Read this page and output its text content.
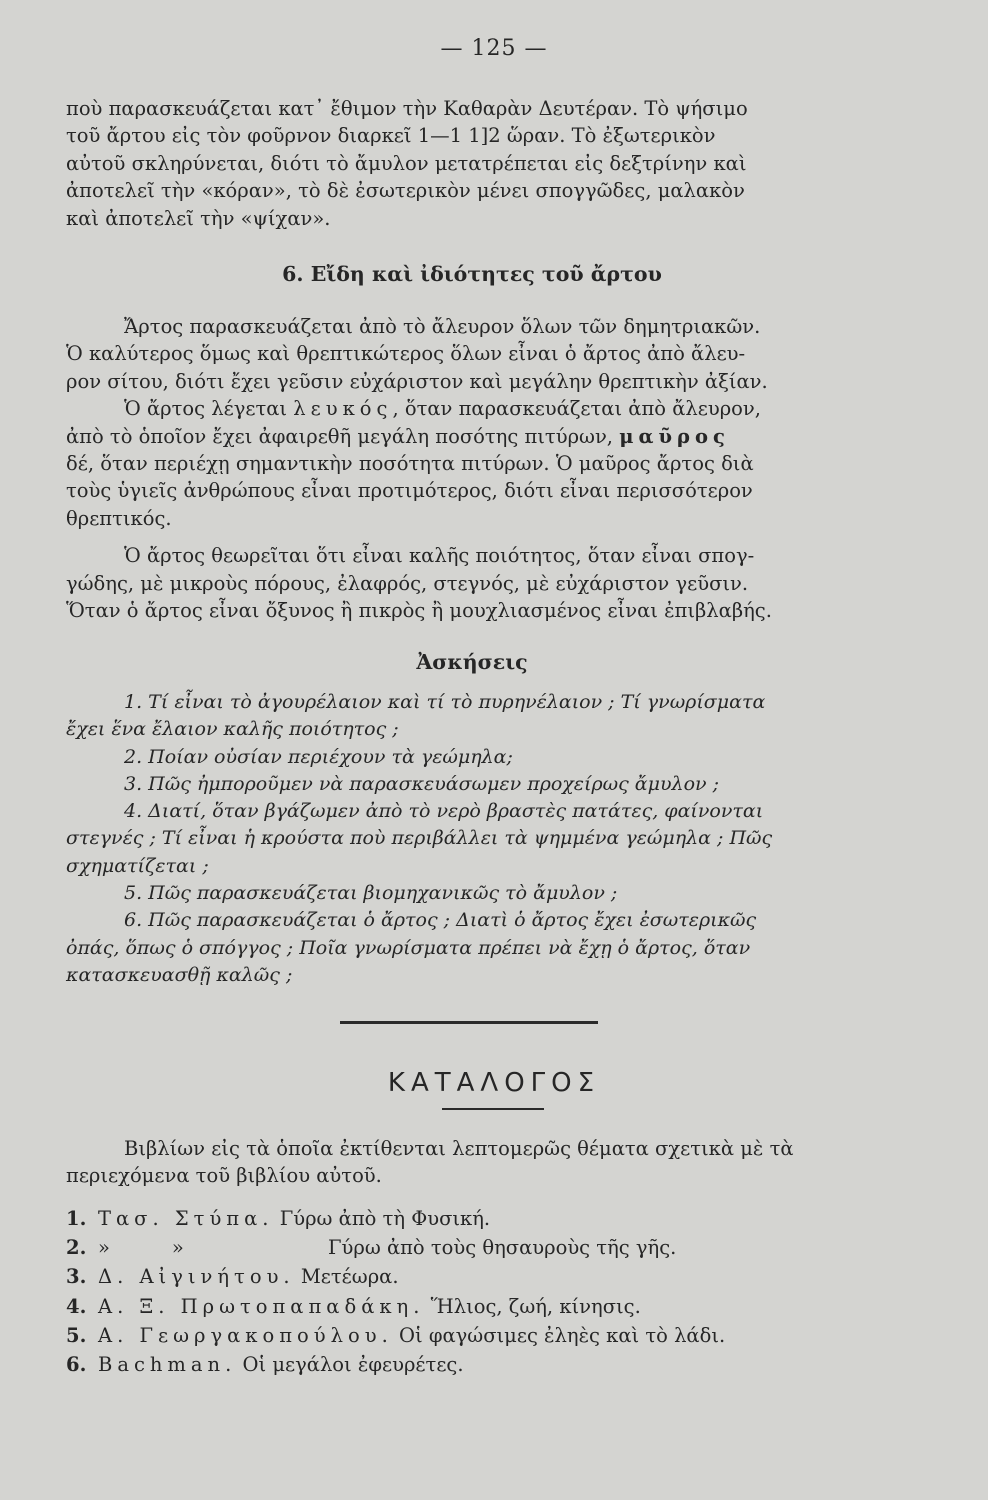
— 125 —

ποὺ παρασκευάζεται κατ᾿ ἔθιμον τὴν Καθαρὰν Δευτέραν. Τὸ ψήσιμο

τοῦ ἄρτου εἰς τὸν φοῦρνον διαρκεῖ 1—1 1]2 ὥραν. Τὸ ἐξωτερικὸν

αὐτοῦ σκληρύνεται, διότι τὸ ἄμυλον μετατρέπεται εἰς δεξτρίνην καὶ

ἀποτελεῖ τὴν «κόραν», τὸ δὲ ἐσωτερικὸν μένει σπογγῶδες, μαλακὸν

καὶ ἀποτελεῖ τὴν «ψίχαν».

6. Εἴδη καὶ ἰδιότητες τοῦ ἄρτου

Ἄρτος παρασκευάζεται ἀπὸ τὸ ἄλευρον ὅλων τῶν δημητριακῶν.

Ὁ καλύτερος ὅμως καὶ θρεπτικώτερος ὅλων εἶναι ὁ ἄρτος ἀπὸ ἄλευ-

ρον σίτου, διότι ἔχει γεῦσιν εὐχάριστον καὶ μεγάλην θρεπτικὴν ἀξίαν.

Ὁ ἄρτος λέγεται λευκός, ὅταν παρασκευάζεται ἀπὸ ἄλευρον,

ἀπὸ τὸ ὁποῖον ἔχει ἀφαιρεθῆ μεγάλη ποσότης πιτύρων, μαῦρος

δέ, ὅταν περιέχῃ σημαντικὴν ποσότητα πιτύρων. Ὁ μαῦρος ἄρτος διὰ

τοὺς ὑγιεῖς ἀνθρώπους εἶναι προτιμότερος, διότι εἶναι περισσότερον

θρεπτικός.

Ὁ ἄρτος θεωρεῖται ὅτι εἶναι καλῆς ποιότητος, ὅταν εἶναι σπογ-

γώδης, μὲ μικροὺς πόρους, ἐλαφρός, στεγνός, μὲ εὐχάριστον γεῦσιν.

Ὅταν ὁ ἄρτος εἶναι ὄξυνος ἢ πικρὸς ἢ μουχλιασμένος εἶναι ἐπιβλαβής.

Ἀσκήσεις

1. Τί εἶναι τὸ ἀγουρέλαιον καὶ τί τὸ πυρηνέλαιον ; Τί γνωρίσματα

ἔχει ἕνα ἔλαιον καλῆς ποιότητος ;

2. Ποίαν οὐσίαν περιέχουν τὰ γεώμηλα;

3. Πῶς ἠμποροῦμεν νὰ παρασκευάσωμεν προχείρως ἄμυλον ;

4. Διατί, ὅταν βγάζωμεν ἀπὸ τὸ νερὸ βραστὲς πατάτες, φαίνονται

στεγνές ; Τί εἶναι ἡ κρούστα ποὺ περιβάλλει τὰ ψημμένα γεώμηλα ; Πῶς

σχηματίζεται ;

5. Πῶς παρασκευάζεται βιομηχανικῶς τὸ ἄμυλον ;

6. Πῶς παρασκευάζεται ὁ ἄρτος ; Διατὶ ὁ ἄρτος ἔχει ἐσωτερικῶς

ὀπάς, ὅπως ὁ σπόγγος ; Ποῖα γνωρίσματα πρέπει νὰ ἔχῃ ὁ ἄρτος, ὅταν

κατασκευασθῇ καλῶς ;

ΚΑΤΑΛΟΓΟΣ

Βιβλίων εἰς τὰ ὁποῖα ἐκτίθενται λεπτομερῶς θέματα σχετικὰ μὲ τὰ

περιεχόμενα τοῦ βιβλίου αὐτοῦ.

1. Τασ. Στύπα. Γύρω ἀπὸ τὴ Φυσική.

2. »          »	Γύρω ἀπὸ τοὺς θησαυροὺς τῆς γῆς.

3. Δ. Αἰγινήτου. Μετέωρα.

4. Α. Ξ. Πρωτοπαπαδάκη. Ἥλιος, ζωή, κίνησις.

5. Α. Γεωργακοπούλου. Οἱ φαγώσιμες ἐληὲς καὶ τὸ λάδι.

6. Bachman. Οἱ μεγάλοι ἐφευρέτες.
